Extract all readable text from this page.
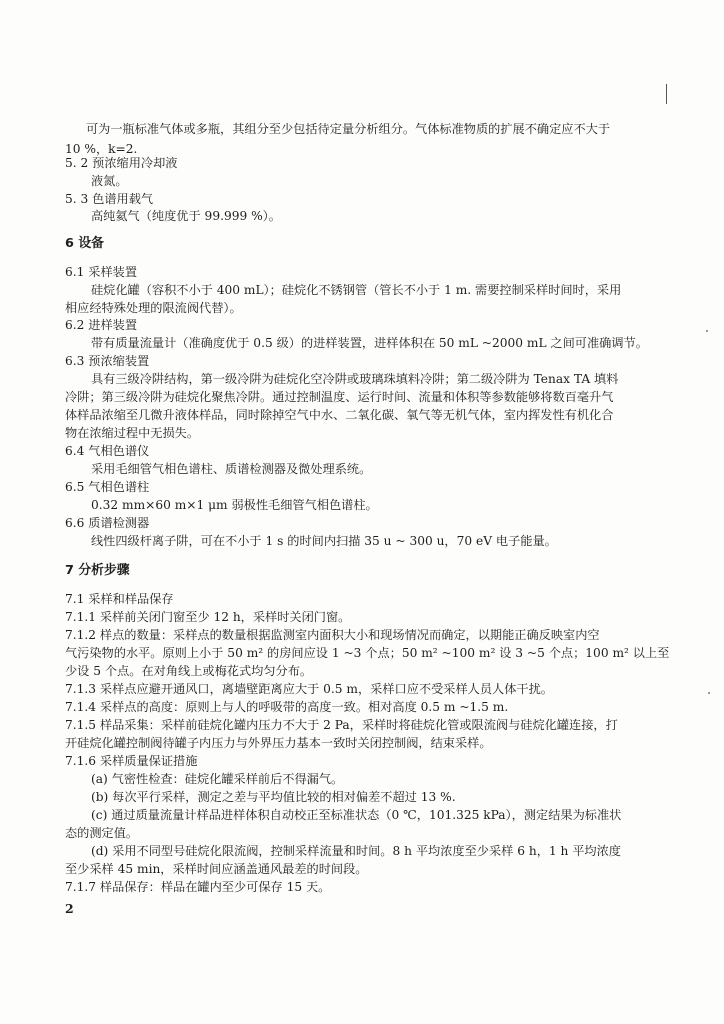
可为一瓶标准气体或多瓶，其组分至少包括待定量分析组分。气体标准物质的扩展不确定应不大于

10 %，k=2.

5. 2 预浓缩用冷却液

液氮。

5. 3 色谱用载气

高纯氦气（纯度优于 99.999 %）。

6 设备

6.1 采样装置

硅烷化罐（容积不小于 400 mL）；硅烷化不锈钢管（管长不小于 1 m. 需要控制采样时间时，采用

相应经特殊处理的限流阀代替）。

6.2 进样装置

带有质量流量计（准确度优于 0.5 级）的进样装置，进样体积在 50 mL ~2000 mL 之间可准确调节。

6.3 预浓缩装置

具有三级冷阱结构，第一级冷阱为硅烷化空冷阱或玻璃珠填料冷阱；第二级冷阱为 Tenax TA 填料

冷阱；第三级冷阱为硅烷化聚焦冷阱。通过控制温度、运行时间、流量和体积等参数能够将数百毫升气

体样品浓缩至几微升液体样品，同时除掉空气中水、二氧化碳、氧气等无机气体，室内挥发性有机化合

物在浓缩过程中无损失。

6.4 气相色谱仪

采用毛细管气相色谱柱、质谱检测器及微处理系统。

6.5 气相色谱柱

0.32 mm×60 m×1 μm 弱极性毛细管气相色谱柱。

6.6 质谱检测器

线性四级杆离子阱，可在不小于 1 s 的时间内扫描 35 u ~ 300 u，70 eV 电子能量。

7 分析步骤

7.1 采样和样品保存

7.1.1 采样前关闭门窗至少 12 h，采样时关闭门窗。

7.1.2 样点的数量：采样点的数量根据监测室内面积大小和现场情况而确定，以期能正确反映室内空

气污染物的水平。原则上小于 50 m² 的房间应设 1 ~3 个点；50 m² ~100 m² 设 3 ~5 个点；100 m² 以上至

少设 5 个点。在对角线上或梅花式均匀分布。

7.1.3 采样点应避开通风口，离墙壁距离应大于 0.5 m，采样口应不受采样人员人体干扰。

7.1.4 采样点的高度：原则上与人的呼吸带的高度一致。相对高度 0.5 m ~1.5 m.

7.1.5 样品采集：采样前硅烷化罐内压力不大于 2 Pa，采样时将硅烷化管或限流阀与硅烷化罐连接，打

开硅烷化罐控制阀待罐子内压力与外界压力基本一致时关闭控制阀，结束采样。

7.1.6 采样质量保证措施

(a) 气密性检查：硅烷化罐采样前后不得漏气。

(b) 每次平行采样，测定之差与平均值比较的相对偏差不超过 13 %.

(c) 通过质量流量计样品进样体积自动校正至标准状态（0 ℃，101.325 kPa），测定结果为标准状

态的测定值。

(d) 采用不同型号硅烷化限流阀，控制采样流量和时间。8 h 平均浓度至少采样 6 h，1 h 平均浓度

至少采样 45 min，采样时间应涵盖通风最差的时间段。

7.1.7 样品保存：样品在罐内至少可保存 15 天。

2
